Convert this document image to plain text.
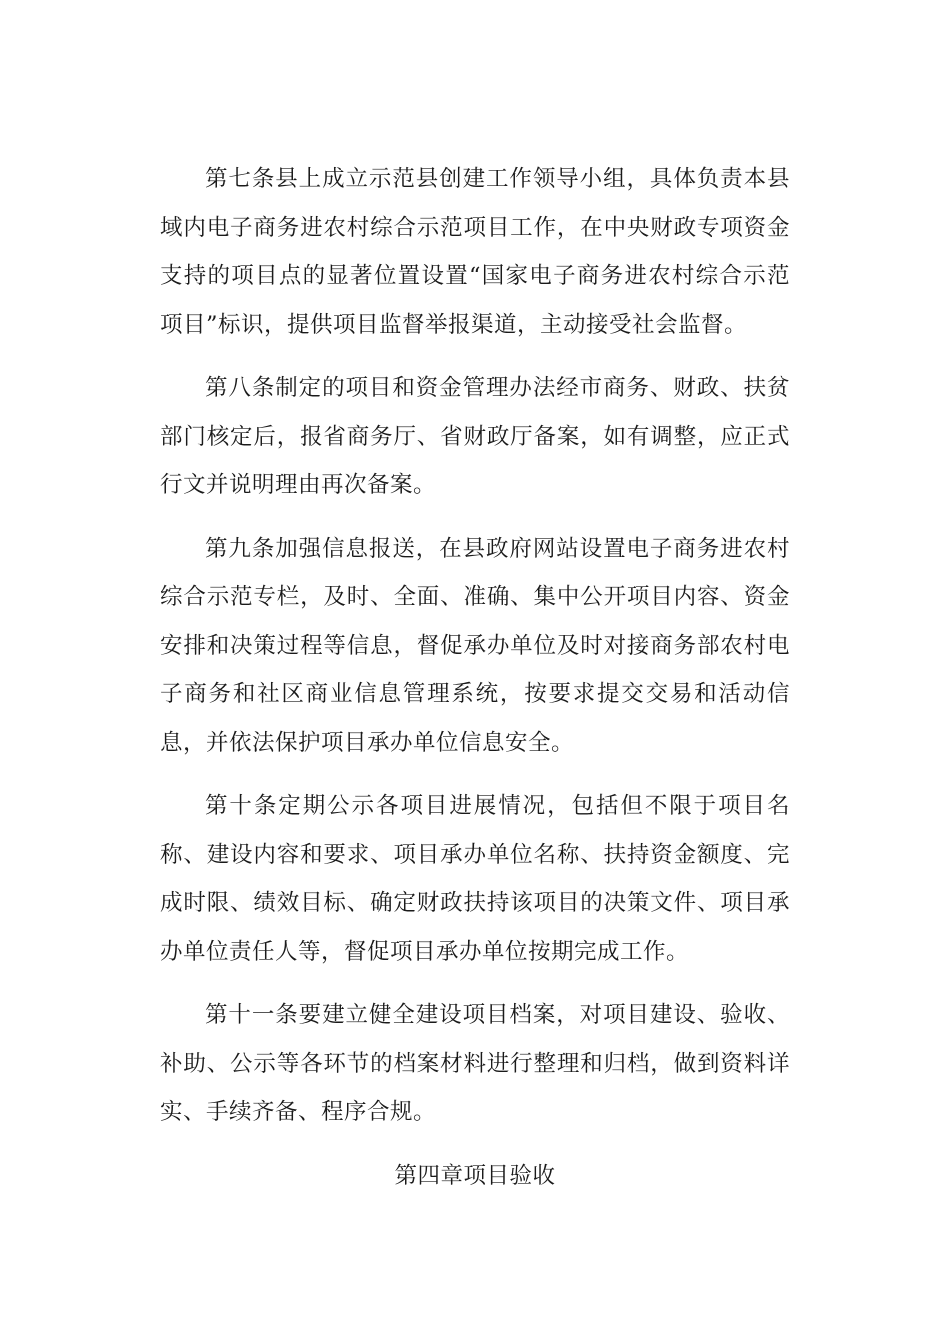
第七条县上成立示范县创建工作领导小组，具体负责本县域内电子商务进农村综合示范项目工作，在中央财政专项资金支持的项目点的显著位置设置“国家电子商务进农村综合示范项目”标识，提供项目监督举报渠道，主动接受社会监督。

第八条制定的项目和资金管理办法经市商务、财政、扶贫部门核定后，报省商务厅、省财政厅备案，如有调整，应正式行文并说明理由再次备案。

第九条加强信息报送，在县政府网站设置电子商务进农村综合示范专栏，及时、全面、准确、集中公开项目内容、资金安排和决策过程等信息，督促承办单位及时对接商务部农村电子商务和社区商业信息管理系统，按要求提交交易和活动信息，并依法保护项目承办单位信息安全。

第十条定期公示各项目进展情况，包括但不限于项目名称、建设内容和要求、项目承办单位名称、扶持资金额度、完成时限、绩效目标、确定财政扶持该项目的决策文件、项目承办单位责任人等，督促项目承办单位按期完成工作。

第十一条要建立健全建设项目档案，对项目建设、验收、补助、公示等各环节的档案材料进行整理和归档，做到资料详实、手续齐备、程序合规。

第四章项目验收
